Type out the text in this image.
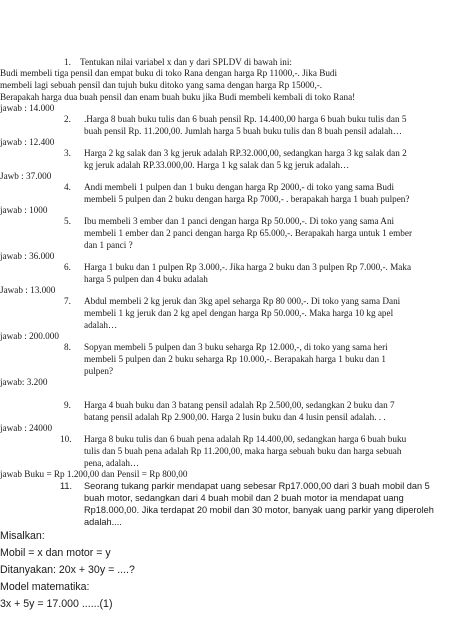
1. Tentukan nilai variabel x dan y dari SPLDV di bawah ini:
Budi membeli tiga pensil dan empat buku di toko Rana dengan harga Rp 11000,-. Jika Budi
membeli lagi sebuah pensil dan tujuh buku ditoko yang sama dengan harga Rp 15000,-.
Berapakah harga dua buah pensil dan enam buah buku jika Budi membeli kembali di toko Rana!
jawab : 14.000
2. .Harga 8 buah buku tulis dan 6 buah pensil Rp. 14.400,00 harga 6 buah buku tulis dan 5
buah pensil Rp. 11.200,00. Jumlah harga 5 buah buku tulis dan 8 buah pensil adalah…
jawab : 12.400
3. Harga 2 kg salak dan 3 kg jeruk adalah RP.32.000,00, sedangkan harga 3 kg salak dan 2
kg jeruk adalah RP.33.000,00. Harga 1 kg salak dan 5 kg jeruk adalah…
Jawb : 37.000
4. Andi membeli 1 pulpen dan 1 buku dengan harga Rp 2000,- di toko yang sama Budi
membeli 5 pulpen dan 2 buku dengan harga Rp 7000,- . berapakah harga 1 buah pulpen?
jawab : 1000
5. Ibu membeli 3 ember dan 1 panci dengan harga Rp 50.000,-. Di toko yang sama Ani
membeli 1 ember dan 2 panci dengan harga Rp 65.000,-. Berapakah harga untuk 1 ember
dan 1 panci ?
jawab : 36.000
6. Harga 1 buku dan 1 pulpen Rp 3.000,-. Jika harga 2 buku dan 3 pulpen Rp 7.000,-. Maka
harga 5 pulpen dan 4 buku adalah
Jawab : 13.000
7. Abdul membeli 2 kg jeruk dan 3kg apel seharga Rp 80 000,-. Di toko yang sama Dani
membeli 1 kg jeruk dan 2 kg apel dengan harga Rp 50.000,-. Maka harga 10 kg apel
adalah…
jawab : 200.000
8. Sopyan membeli 5 pulpen dan 3 buku seharga Rp 12.000,-, di toko yang sama heri
membeli 5 pulpen dan 2 buku seharga Rp 10.000,-. Berapakah harga 1 buku dan 1
pulpen?
jawab: 3.200
9. Harga 4 buah buku dan 3 batang pensil adalah Rp 2.500,00, sedangkan 2 buku dan 7
batang pensil adalah Rp 2.900,00. Harga 2 lusin buku dan 4 lusin pensil adalah. . .
jawab : 24000
10. Harga 8 buku tulis dan 6 buah pena adalah Rp 14.400,00, sedangkan harga 6 buah buku
tulis dan 5 buah pena adalah Rp 11.200,00, maka harga sebuah buku dan harga sebuah
pena, adalah…
jawab Buku = Rp 1.200,00 dan Pensil = Rp 800,00
11. Seorang tukang parkir mendapat uang sebesar Rp17.000,00 dari 3 buah mobil dan 5
buah motor, sedangkan dari 4 buah mobil dan 2 buah motor ia mendapat uang
Rp18.000,00. Jika terdapat 20 mobil dan 30 motor, banyak uang parkir yang diperoleh
adalah....
Misalkan:
Mobil = x dan motor = y
Ditanyakan: 20x + 30y = ....?
Model matematika:
3x + 5y = 17.000 ......(1)
